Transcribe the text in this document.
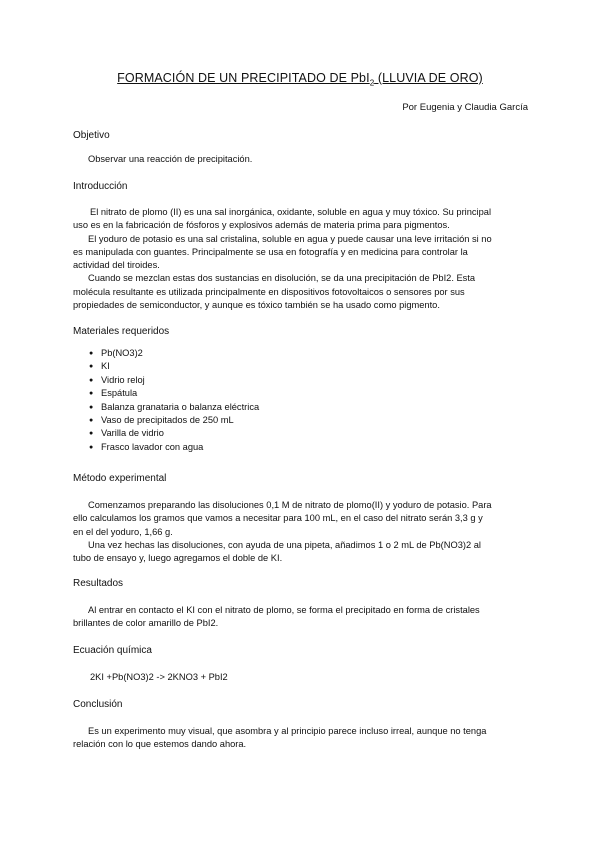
FORMACIÓN DE UN PRECIPITADO DE PbI$_2$ (LLUVIA DE ORO)
Por Eugenia y Claudia García
Objetivo
Observar una reacción de precipitación.
Introducción
El nitrato de plomo (II) es una sal inorgánica, oxidante, soluble en agua y muy tóxico. Su principal
uso es en la fabricación de fósforos y explosivos además de materia prima para pigmentos.
El yoduro de potasio es una sal cristalina, soluble en agua y puede causar una leve irritación si no
es manipulada con guantes. Principalmente se usa en fotografía y en medicina para controlar la
actividad del tiroides.
Cuando se mezclan estas dos sustancias en disolución, se da una precipitación de PbI2. Esta
molécula resultante es utilizada principalmente en dispositivos fotovoltaicos o sensores por sus
propiedades de semiconductor, y aunque es tóxico también se ha usado como pigmento.
Materiales requeridos
● Pb(NO3)2
● KI
● Vidrio reloj
● Espátula
● Balanza granataria o balanza eléctrica
● Vaso de precipitados de 250 mL
● Varilla de vidrio
● Frasco lavador con agua
Método experimental
Comenzamos preparando las disoluciones 0,1 M de nitrato de plomo(II) y yoduro de potasio. Para
ello calculamos los gramos que vamos a necesitar para 100 mL, en el caso del nitrato serán 3,3 g y
en el del yoduro, 1,66 g.
Una vez hechas las disoluciones, con ayuda de una pipeta, añadimos 1 o 2 mL de Pb(NO3)2 al
tubo de ensayo y, luego agregamos el doble de KI.
Resultados
Al entrar en contacto el KI con el nitrato de plomo, se forma el precipitado en forma de cristales
brillantes de color amarillo de PbI2.
Ecuación química
2KI +Pb(NO3)2 -> 2KNO3 + PbI2
Conclusión
Es un experimento muy visual, que asombra y al principio parece incluso irreal, aunque no tenga
relación con lo que estemos dando ahora.
